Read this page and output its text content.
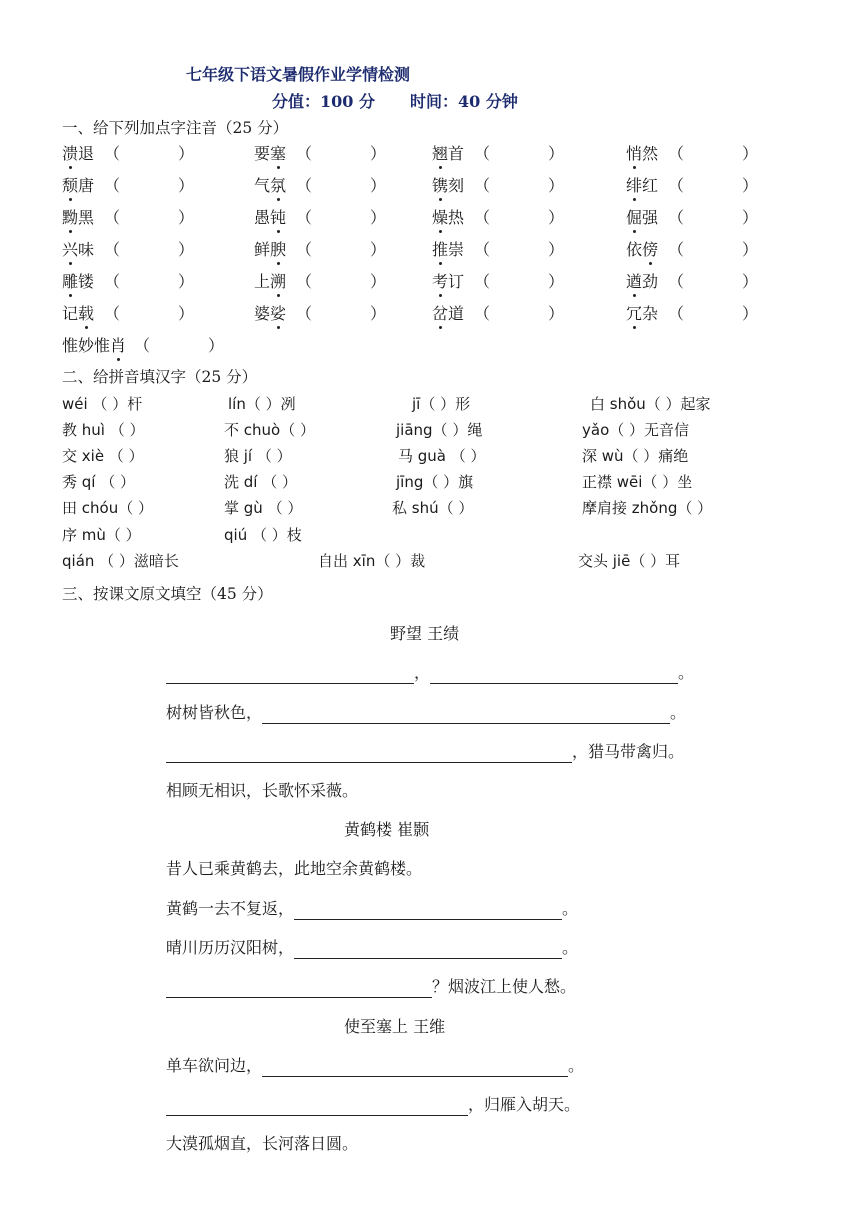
七年级下语文暑假作业学情检测
分值：100 分 时间：40 分钟
一、给下列加点字注音（25 分）
溃退 （	）	要塞 （	）	翘首 （	）	悄然 （	）
颓唐 （	）	气氛 （	）	镌刻 （	）	绯红 （	）
黝黑 （	）	愚钝 （	）	燥热 （	）	倔强 （	）
兴味 （	）	鲜腴 （	）	推崇 （	）	依傍 （	）
雕镂 （	）	上溯 （	）	考订 （	）	遒劲 （	）
记载 （	）	婆娑 （	）	岔道 （	）	冗杂 （	）
惟妙惟肖 （	）
二、给拼音填汉字（25 分）
wéi （ ）杆	lín（ ）冽	jī（ ）形	白 shǒu（ ）起家
教 huì （ ）	不 chuò（ ）	jiāng（ ）绳	yǎo（ ）无音信
交 xiè （ ）	狼 jí （ ）	马 guà （ ）	深 wù（ ）痛绝
秀 qí （ ）	洗 dí （ ）	jīng（ ）旗	正襟 wēi（ ）坐
田 chóu（ ）	掌 gù （ ）	私 shú（ ）	摩肩接 zhǒng（ ）
序 mù（ ）	qiú （ ）枝
qián （ ）滋暗长	自出 xīn（ ）裁	交头 jiē（ ）耳
三、按课文原文填空（45 分）
野望 王绩
，	。
树树皆秋色，	。
，猎马带禽归。
相顾无相识，长歌怀采薇。
黄鹤楼 崔颢
昔人已乘黄鹤去，此地空余黄鹤楼。
黄鹤一去不复返，	。
晴川历历汉阳树，	。
？烟波江上使人愁。
使至塞上 王维
单车欲问边，	。
，归雁入胡天。
大漠孤烟直，长河落日圆。
